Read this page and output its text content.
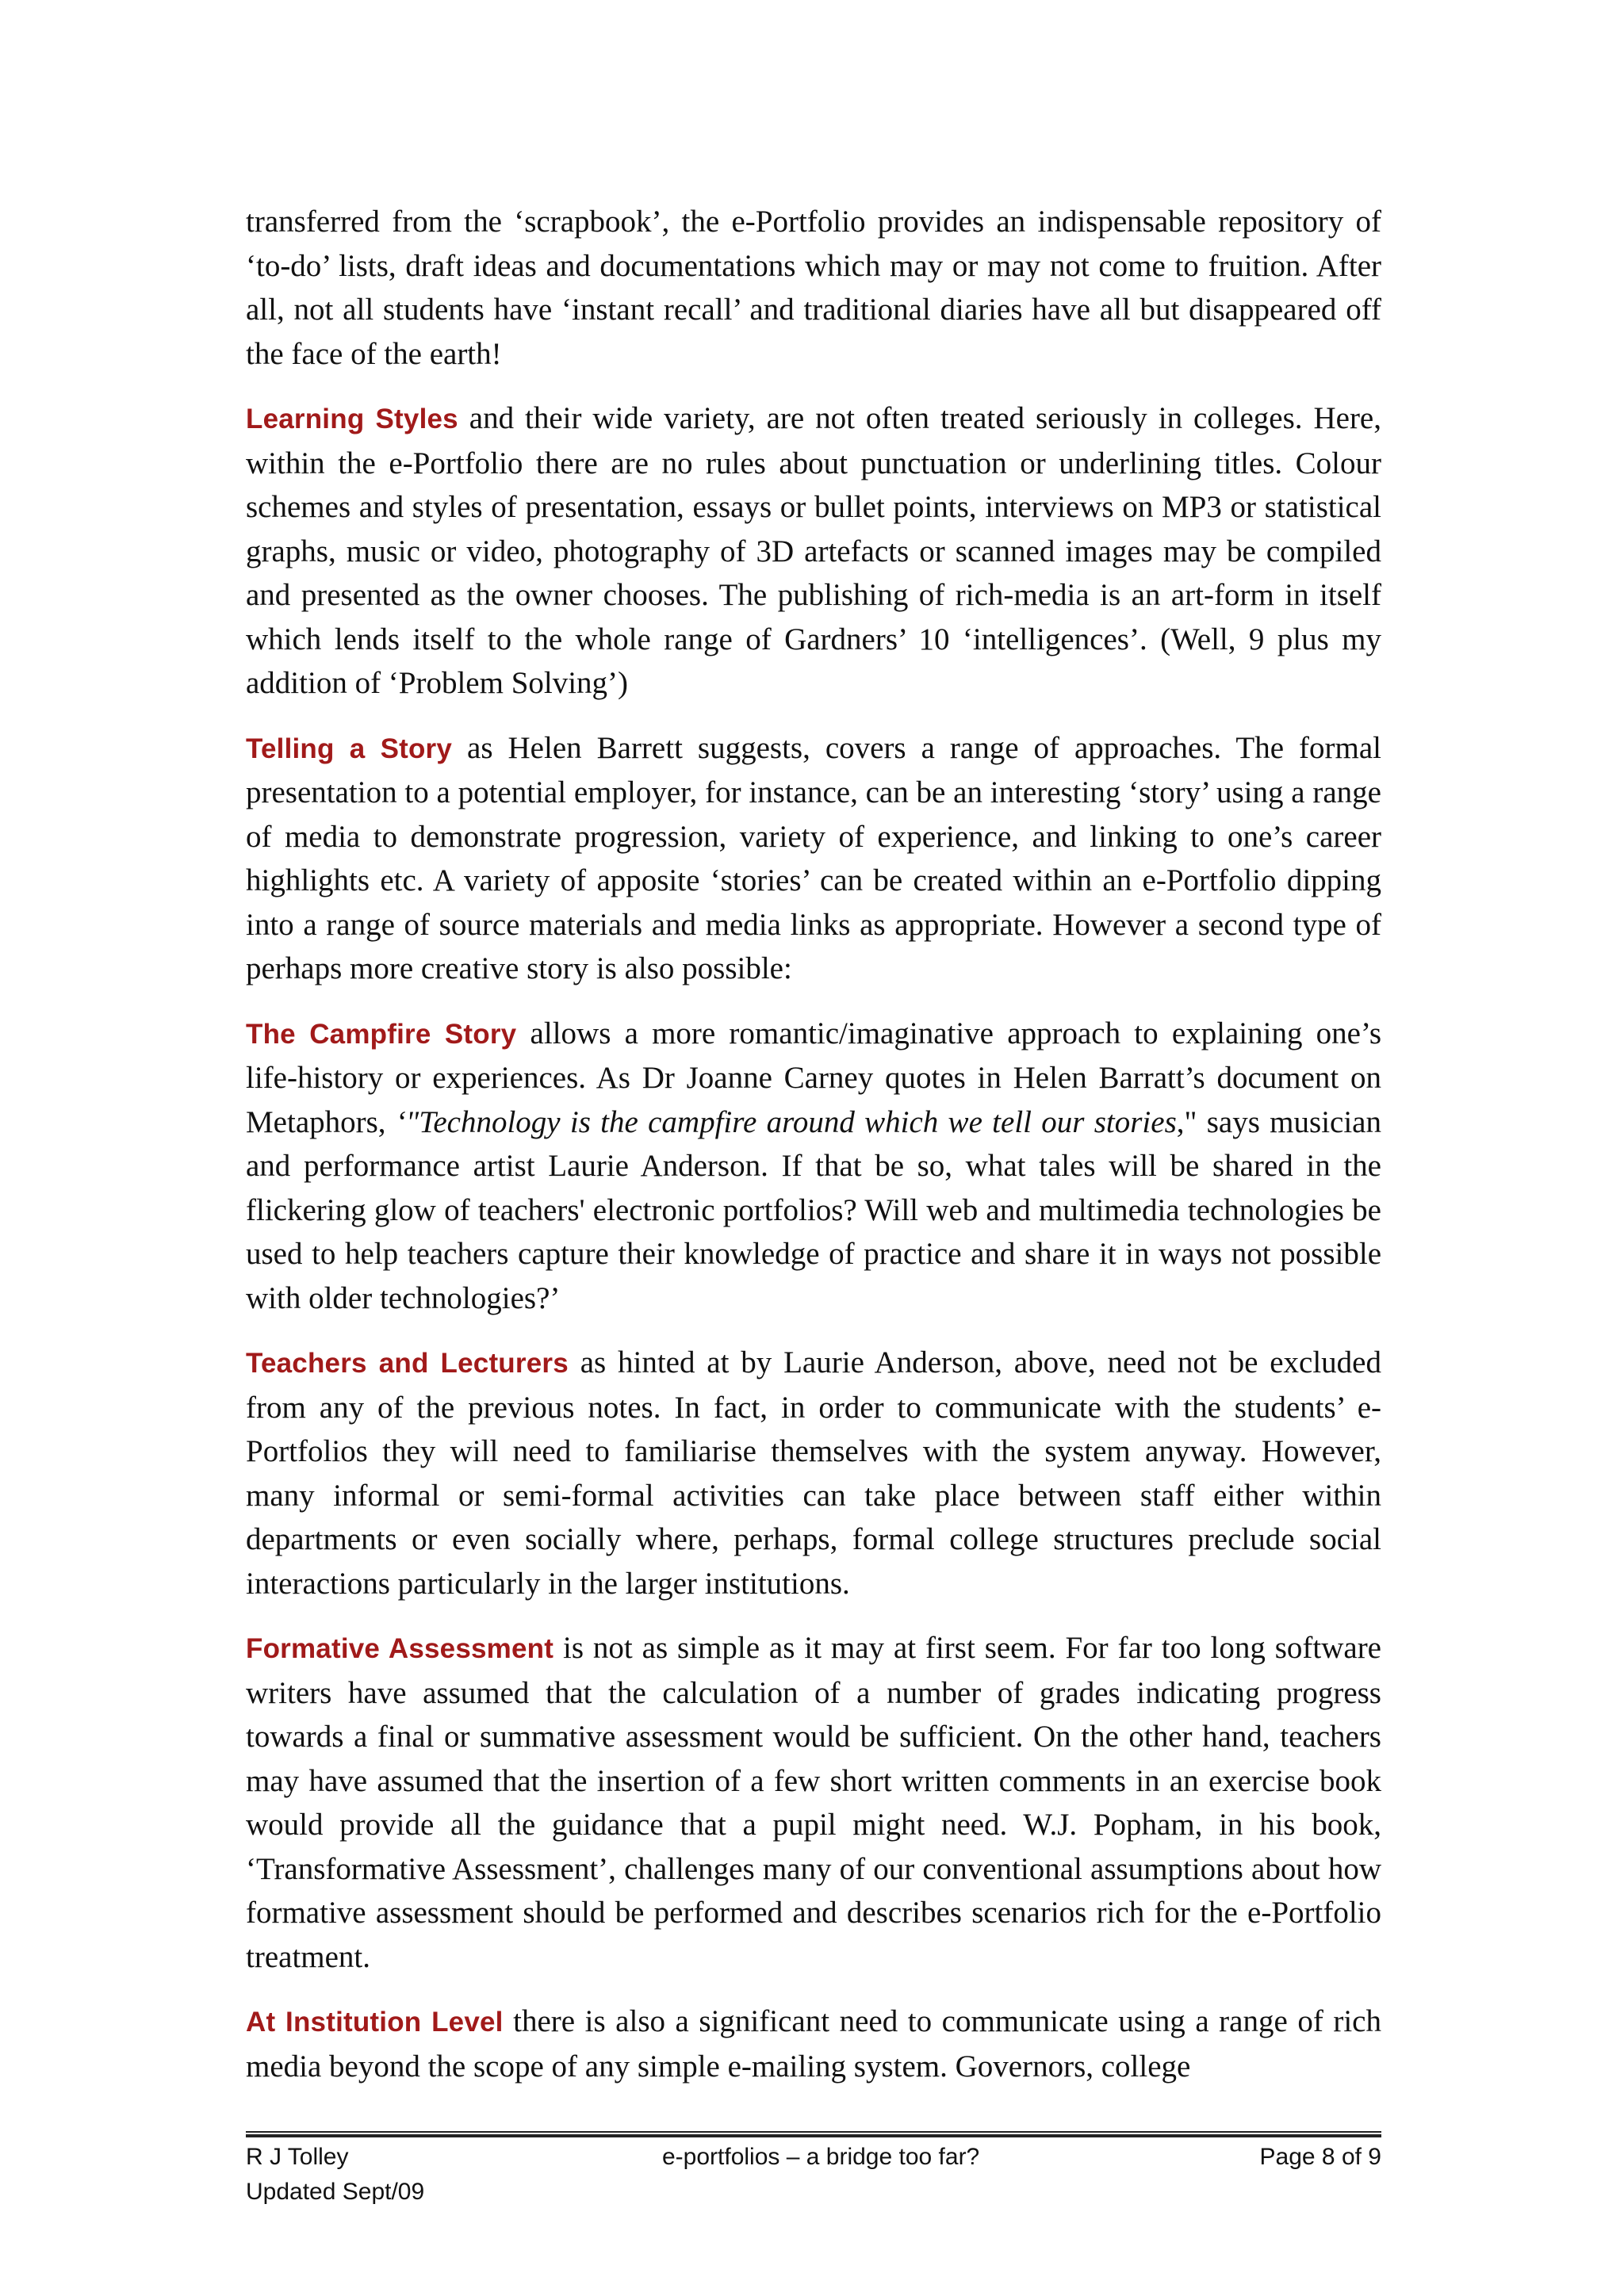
transferred from the ‘scrapbook’, the e-Portfolio provides an indispensable repository of ‘to-do’ lists, draft ideas and documentations which may or may not come to fruition. After all, not all students have ‘instant recall’ and traditional diaries have all but disappeared off the face of the earth!

Learning Styles and their wide variety, are not often treated seriously in colleges. Here, within the e-Portfolio there are no rules about punctuation or underlining titles. Colour schemes and styles of presentation, essays or bullet points, interviews on MP3 or statistical graphs, music or video, photography of 3D artefacts or scanned images may be compiled and presented as the owner chooses. The publishing of rich-media is an art-form in itself which lends itself to the whole range of Gardners’ 10 ‘intelligences’. (Well, 9 plus my addition of ‘Problem Solving’)

Telling a Story as Helen Barrett suggests, covers a range of approaches. The formal presentation to a potential employer, for instance, can be an interesting ‘story’ using a range of media to demonstrate progression, variety of experience, and linking to one’s career highlights etc. A variety of apposite ‘stories’ can be created within an e-Portfolio dipping into a range of source materials and media links as appropriate. However a second type of perhaps more creative story is also possible:

The Campfire Story allows a more romantic/imaginative approach to explaining one’s life-history or experiences. As Dr Joanne Carney quotes in Helen Barratt’s document on Metaphors, ‘"Technology is the campfire around which we tell our stories," says musician and performance artist Laurie Anderson. If that be so, what tales will be shared in the flickering glow of teachers' electronic portfolios? Will web and multimedia technologies be used to help teachers capture their knowledge of practice and share it in ways not possible with older technologies?’

Teachers and Lecturers as hinted at by Laurie Anderson, above, need not be excluded from any of the previous notes. In fact, in order to communicate with the students’ e-Portfolios they will need to familiarise themselves with the system anyway. However, many informal or semi-formal activities can take place between staff either within departments or even socially where, perhaps, formal college structures preclude social interactions particularly in the larger institutions.

Formative Assessment is not as simple as it may at first seem. For far too long software writers have assumed that the calculation of a number of grades indicating progress towards a final or summative assessment would be sufficient. On the other hand, teachers may have assumed that the insertion of a few short written comments in an exercise book would provide all the guidance that a pupil might need. W.J. Popham, in his book, ‘Transformative Assessment’, challenges many of our conventional assumptions about how formative assessment should be performed and describes scenarios rich for the e-Portfolio treatment.

At Institution Level there is also a significant need to communicate using a range of rich media beyond the scope of any simple e-mailing system. Governors, college

R J Tolley	e-portfolios – a bridge too far?	Page 8 of 9
Updated Sept/09
